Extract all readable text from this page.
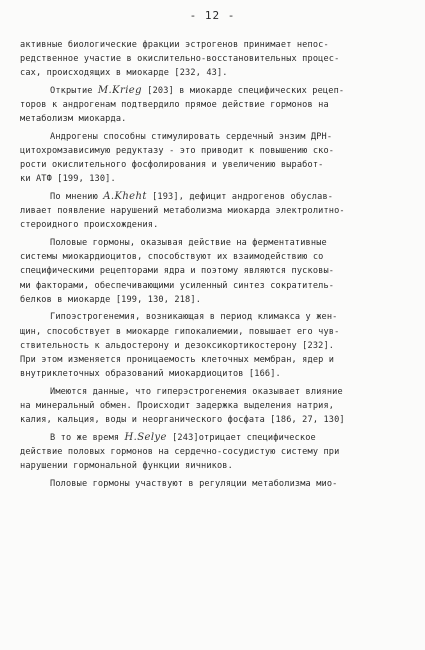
- 12 -
активные биологические фракции эстрогенов принимает непос-
редственное участие в окислительно-восстановительных процес-
сах, происходящих в миокарде [232, 43].
Открытие M.Krieg [203] в миокарде специфических рецеп-
торов к андрогенам подтвердило прямое действие гормонов на
метаболизм миокарда.
Андрогены способны стимулировать сердечный энзим ДРН-
цитохромзависимую редуктазу - это приводит к повышению ско-
рости окислительного фосфолирования и увеличению выработ-
ки АТФ [199, 130].
По мнению A.Kheht [193], дефицит андрогенов обуслав-
ливает появление нарушений метаболизма миокарда электролитно-
стероидного происхождения.
Половые гормоны, оказывая действие на ферментативные
системы миокардиоцитов, способствуют их взаимодействию со
специфическими рецепторами ядра и поэтому являются пусковы-
ми факторами, обеспечивающими усиленный синтез сократитель-
белков в миокарде [199, 130, 218].
Гипоэстрогенемия, возникающая в период климакса у жен-
щин, способствует в миокарде гипокалиемии, повышает его чув-
ствительность к альдостерону и дезоксикортикостерону [232].
При этом изменяется проницаемость клеточных мембран, ядер и
внутриклеточных образований миокардиоцитов [166].
Имеются данные, что гиперэстрогенемия оказывает влияние
на минеральный обмен. Происходит задержка выделения натрия,
калия, кальция, воды и неорганического фосфата [186, 27, 130]
В то же время H.Selye [243]отрицает специфическое
действие половых гормонов на сердечно-сосудистую систему при
нарушении гормональной функции яичников.
Половые гормоны участвуют в регуляции метаболизма мио-
